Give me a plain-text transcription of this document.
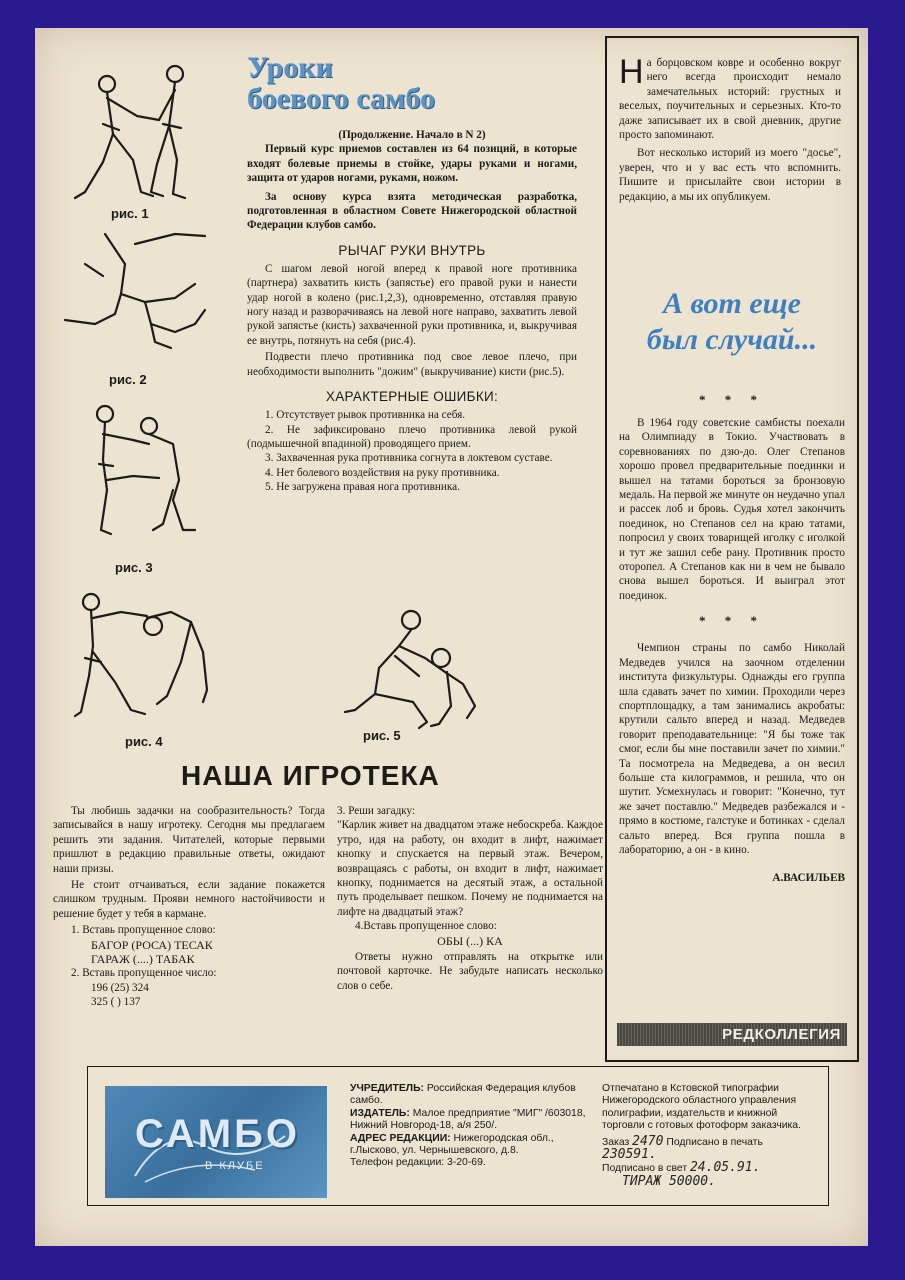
рис. 1
рис. 2
рис. 3
рис. 4	рис. 5
Уроки
боевого самбо

(Продолжение. Начало в N 2)

Первый курс приемов составлен из 64 позиций, в которые входят болевые приемы в стойке, удары руками и ногами, защита от ударов ногами, руками, ножом.

За основу курса взята методическая разработка, подготовленная в областном Совете Нижегородской областной Федерации клубов самбо.

РЫЧАГ РУКИ ВНУТРЬ

С шагом левой ногой вперед к правой ноге противника (партнера) захватить кисть (запястье) его правой руки и нанести удар ногой в колено (рис.1,2,3), одновременно, отставляя правую ногу назад и разворачиваясь на левой ноге направо, захватить левой рукой запястье (кисть) захваченной руки противника, и, выкручивая ее внутрь, потянуть на себя (рис.4).

Подвести плечо противника под свое левое плечо, при необходимости выполнить "дожим" (выкручивание) кисти (рис.5).

ХАРАКТЕРНЫЕ ОШИБКИ:

1. Отсутствует рывок противника на себя.

2. Не зафиксировано плечо противника левой рукой (подмышечной впадиной) проводящего прием.

3. Захваченная рука противника согнута в локтевом суставе.

4. Нет болевого воздействия на руку противника.

5. Не загружена правая нога противника.

НАША ИГРОТЕКА

Ты любишь задачки на сообразительность? Тогда записывайся в нашу игротеку. Сегодня мы предлагаем решить эти задания. Читателей, которые первыми пришлют в редакцию правильные ответы, ожидают наши призы.

Не стоит отчаиваться, если задание покажется слишком трудным. Прояви немного настойчивости и решение будет у тебя в кармане.

1. Вставь пропущенное слово:

БАГОР (РОСА) ТЕСАК

ГАРАЖ (....) ТАБАК

2. Вставь пропущенное число:

196 (25) 324

325 ( ) 137

3. Реши загадку:

"Карлик живет на двадцатом этаже небоскреба. Каждое утро, идя на работу, он входит в лифт, нажимает кнопку и спускается на первый этаж. Вечером, возвращаясь с работы, он входит в лифт, нажимает кнопку, поднимается на десятый этаж, а остальной путь проделывает пешком. Почему не поднимается на лифте на двадцатый этаж?

4.Вставь пропущенное слово:

ОБЫ (...) КА

Ответы нужно отправлять на открытке или почтовой карточке. Не забудьте написать несколько слов о себе.

На борцовском ковре и особенно вокруг него всегда происходит немало замечательных историй: грустных и веселых, поучительных и серьезных. Кто-то даже записывает их в свой дневник, другие просто запоминают.

Вот несколько историй из моего "досье", уверен, что и у вас есть что вспомнить. Пишите и присылайте свои истории в редакцию, а мы их опубликуем.

А вот еще
был случай...

* * *

В 1964 году советские самбисты поехали на Олимпиаду в Токио. Участвовать в соревнованиях по дзю-до. Олег Степанов хорошо провел предварительные поединки и вышел на татами бороться за бронзовую медаль. На первой же минуте он неудачно упал и рассек лоб и бровь. Судья хотел закончить поединок, но Степанов сел на краю татами, попросил у своих товарищей иголку с иголкой и тут же зашил себе рану. Противник просто оторопел. А Степанов как ни в чем не бывало снова вышел бороться. И выиграл этот поединок.

* * *

Чемпион страны по самбо Николай Медведев учился на заочном отделении института физкультуры. Однажды его группа шла сдавать зачет по химии. Проходили через спортплощадку, а там занимались акробаты: крутили сальто вперед и назад. Медведев говорит преподавательнице: "Я бы тоже так смог, если бы мне поставили зачет по химии." Та посмотрела на Медведева, а он весил больше ста килограммов, и решила, что он шутит. Усмехнулась и говорит: "Конечно, тут же зачет поставлю." Медведев разбежался и - прямо в костюме, галстуке и ботинках - сделал сальто вперед. Вся группа пошла в лабораторию, а он - в кино.

А.ВАСИЛЬЕВ

РЕДКОЛЛЕГИЯ
САМБО
В КЛУБЕ
УЧРЕДИТЕЛЬ: Российская Федерация клубов самбо.
ИЗДАТЕЛЬ: Малое предприятие "МИГ" /603018, Нижний Новгород-18, а/я 250/.
АДРЕС РЕДАКЦИИ: Нижегородская обл., г.Лысково, ул. Чернышевского, д.8.
Телефон редакции: 3-20-69.
Отпечатано в Кстовской типографии Нижегородского областного управления полиграфии, издательств и книжной торговли с готовых фотоформ заказчика.
Заказ 2470 Подписано в печать 230591.
Подписано в свет 24.05.91.
ТИРАЖ 50000.
